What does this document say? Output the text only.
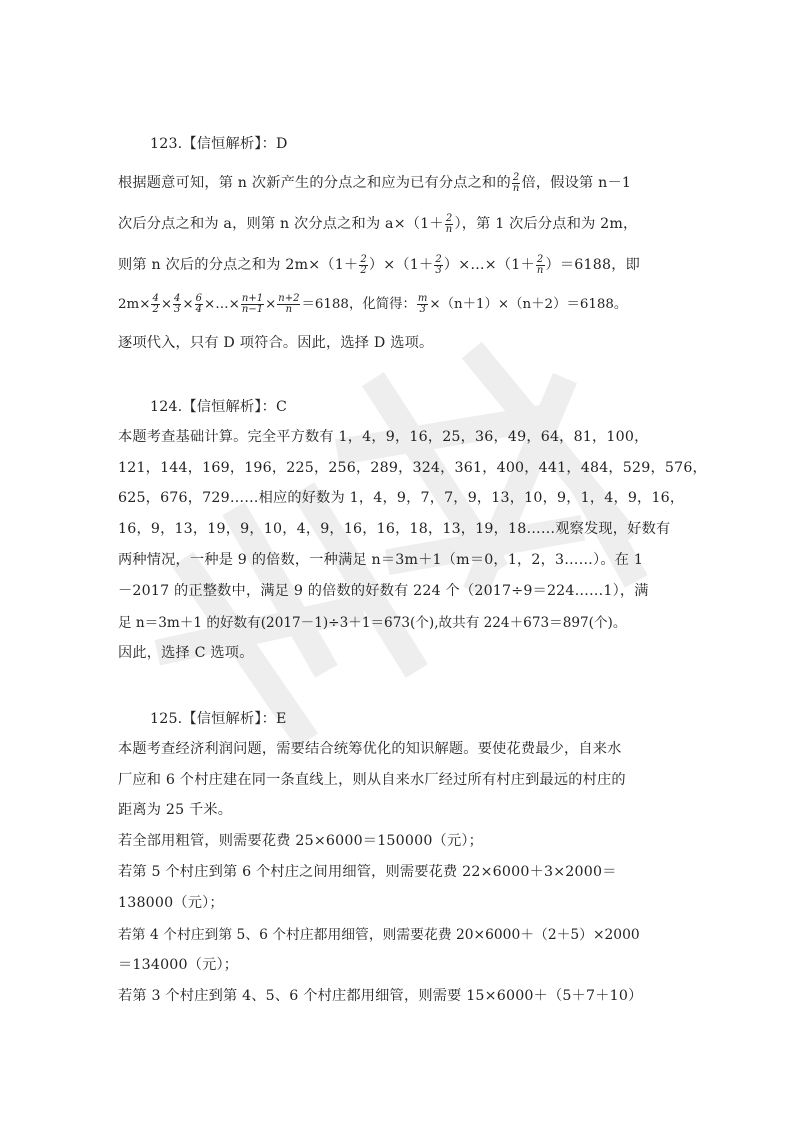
123.【信恒解析】：D
根据题意可知，第 n 次新产生的分点之和应为已有分点之和的 $\frac{2}{n}$ 倍，假设第 n－1
次后分点之和为 a，则第 n 次分点之和为 $a\times(1+ \frac{2}{n}$ ），第 1 次后分点和为 2m，
则第 n 次后的分点之和为 $2m\times(1+ \frac{2}{2} )\times(1+ \frac{2}{3}$ ）×…×（1＋ $\frac{2}{n} )=6188$，即
$2m\times \frac{4}{2} \times \frac{4}{3} \times \frac{6}{4}$ ×…× $\frac{n+1}{n-1} \times \frac{n+2}{n} =6188$，化简得： $\frac{m}{3} \times(n+1)\times(n+2)=6188$。
逐项代入，只有 D 项符合。因此，选择 D 选项。
124.【信恒解析】：C
本题考查基础计算。完全平方数有 1，4，9，16，25，36，49，64，81，100，
121，144，169，196，225，256，289，324，361，400，441，484，529，576，
625，676，729……相应的好数为 1，4，9，7，7，9，13，10，9，1，4，9，16，
16，9，13，19，9，10，4，9，16，16，18，13，19，18……观察发现，好数有
两种情况，一种是 9 的倍数，一种满足 n＝3m＋1（m＝0，1，2，3……）。在 1
－2017 的正整数中，满足 9 的倍数的好数有 224 个（2017÷9＝224……1），满
足 n＝3m＋1 的好数有(2017－1)÷3＋1＝673(个),故共有 224＋673＝897(个)。
因此，选择 C 选项。
125.【信恒解析】：E
本题考查经济利润问题，需要结合统筹优化的知识解题。要使花费最少，自来水
厂应和 6 个村庄建在同一条直线上，则从自来水厂经过所有村庄到最远的村庄的
距离为 25 千米。
若全部用粗管，则需要花费 25×6000＝150000（元）；
若第 5 个村庄到第 6 个村庄之间用细管，则需要花费 22×6000＋3×2000＝
138000（元）；
若第 4 个村庄到第 5、6 个村庄都用细管，则需要花费 20×6000＋（2＋5）×2000
＝134000（元）；
若第 3 个村庄到第 4、5、6 个村庄都用细管，则需要 15×6000＋（5＋7＋10）
